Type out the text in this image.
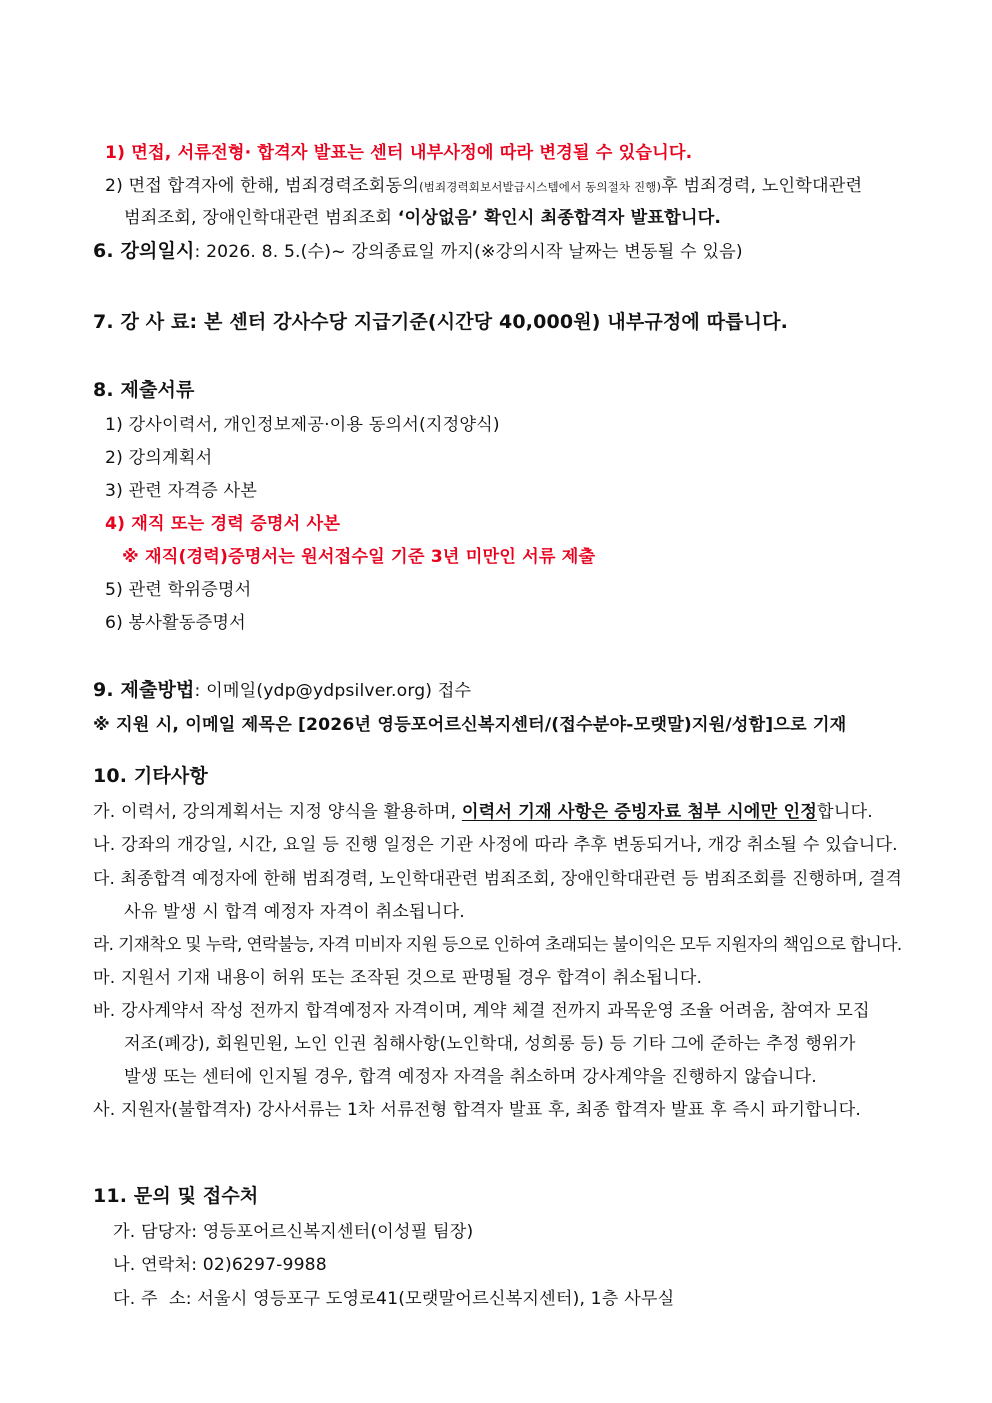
1) 면접, 서류전형· 합격자 발표는 센터 내부사정에 따라 변경될 수 있습니다.
2) 면접 합격자에 한해, 범죄경력조회동의(범죄경력회보서발급시스템에서 동의절차 진행)후 범죄경력, 노인학대관련
범죄조회, 장애인학대관련 범죄조회 ‘이상없음’ 확인시 최종합격자 발표합니다.
6. 강의일시: 2026. 8. 5.(수)~ 강의종료일 까지(※강의시작 날짜는 변동될 수 있음)
7. 강 사 료: 본 센터 강사수당 지급기준(시간당 40,000원) 내부규정에 따릅니다.
8. 제출서류
1) 강사이력서, 개인정보제공·이용 동의서(지정양식)
2) 강의계획서
3) 관련 자격증 사본
4) 재직 또는 경력 증명서 사본
※ 재직(경력)증명서는 원서접수일 기준 3년 미만인 서류 제출
5) 관련 학위증명서
6) 봉사활동증명서
9. 제출방법: 이메일(ydp@ydpsilver.org) 접수
※ 지원 시, 이메일 제목은 [2026년 영등포어르신복지센터/(접수분야-모랫말)지원/성함]으로 기재
10. 기타사항
가. 이력서, 강의계획서는 지정 양식을 활용하며, 이력서 기재 사항은 증빙자료 첨부 시에만 인정합니다.
나. 강좌의 개강일, 시간, 요일 등 진행 일정은 기관 사정에 따라 추후 변동되거나, 개강 취소될 수 있습니다.
다. 최종합격 예정자에 한해 범죄경력, 노인학대관련 범죄조회, 장애인학대관련 등 범죄조회를 진행하며, 결격
사유 발생 시 합격 예정자 자격이 취소됩니다.
라. 기재착오 및 누락, 연락불능, 자격 미비자 지원 등으로 인하여 초래되는 불이익은 모두 지원자의 책임으로 합니다.
마. 지원서 기재 내용이 허위 또는 조작된 것으로 판명될 경우 합격이 취소됩니다.
바. 강사계약서 작성 전까지 합격예정자 자격이며, 계약 체결 전까지 과목운영 조율 어려움, 참여자 모집
저조(폐강), 회원민원, 노인 인권 침해사항(노인학대, 성희롱 등) 등 기타 그에 준하는 추정 행위가
발생 또는 센터에 인지될 경우, 합격 예정자 자격을 취소하며 강사계약을 진행하지 않습니다.
사. 지원자(불합격자) 강사서류는 1차 서류전형 합격자 발표 후, 최종 합격자 발표 후 즉시 파기합니다.
11. 문의 및 접수처
가. 담당자: 영등포어르신복지센터(이성필 팀장)
나. 연락처: 02)6297-9988
다. 주  소: 서울시 영등포구 도영로41(모랫말어르신복지센터), 1층 사무실
